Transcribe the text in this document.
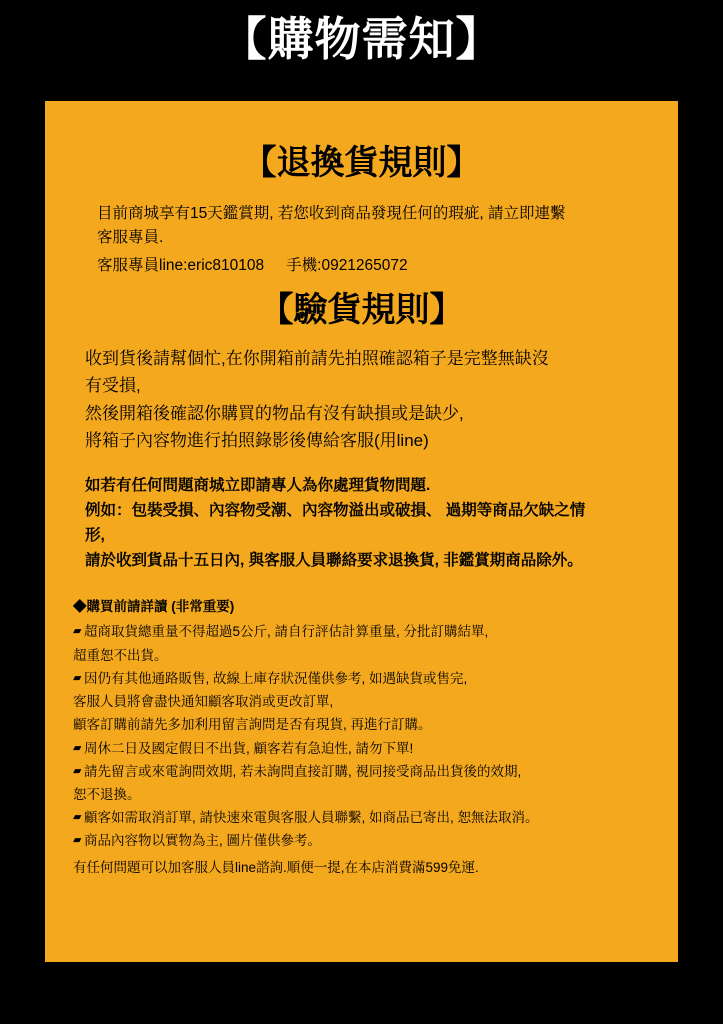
【購物需知】
【退換貨規則】
目前商城享有15天鑑賞期, 若您收到商品發現任何的瑕疵, 請立即連繫
客服專員.
客服專員line:eric810108 手機:0921265072
【驗貨規則】
收到貨後請幫個忙,在你開箱前請先拍照確認箱子是完整無缺沒
有受損,
然後開箱後確認你購買的物品有沒有缺損或是缺少,
將箱子內容物進行拍照錄影後傳給客服(用line)
如若有任何問題商城立即請專人為你處理貨物問題.
例如：包裝受損、內容物受潮、內容物溢出或破損、 過期等商品欠缺之情
形,
請於收到貨品十五日內, 與客服人員聯絡要求退換貨, 非鑑賞期商品除外。
◆購買前請詳讀 (非常重要)
▰ 超商取貨總重量不得超過5公斤, 請自行評估計算重量, 分批訂購結單,
超重恕不出貨。
▰ 因仍有其他通路販售, 故線上庫存狀況僅供參考, 如遇缺貨或售完,
客服人員將會盡快通知顧客取消或更改訂單,
顧客訂購前請先多加利用留言詢問是否有現貨, 再進行訂購。
▰ 周休二日及國定假日不出貨, 顧客若有急迫性, 請勿下單!
▰ 請先留言或來電詢問效期, 若未詢問直接訂購, 視同接受商品出貨後的效期,
恕不退換。
▰ 顧客如需取消訂單, 請快速來電與客服人員聯繫, 如商品已寄出, 恕無法取消。
▰ 商品內容物以實物為主, 圖片僅供參考。
有任何問題可以加客服人員line諮詢.順便一提,在本店消費滿599免運.
